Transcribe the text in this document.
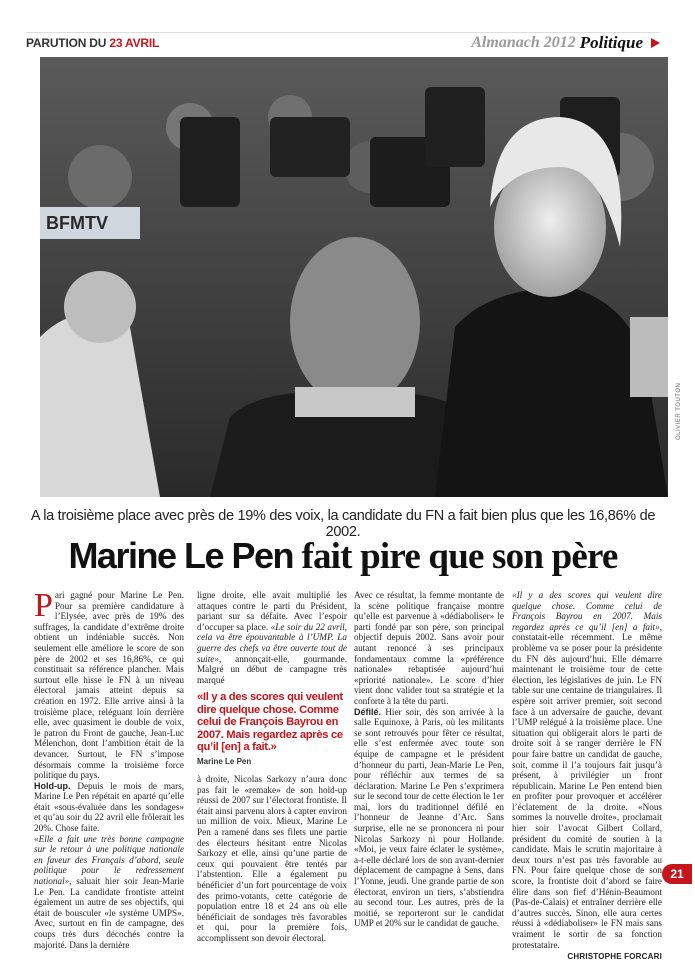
PARUTION DU 23 AVRIL	Almanach 2012 Politique
BFMTV
OLIVIER TOUTON
A la troisième place avec près de 19% des voix, la candidate du FN a fait bien plus que les 16,86% de 2002.
Marine Le Pen fait pire que son père

Pari gagné pour Marine Le Pen. Pour sa première candidature à l’Elysée, avec près de 19% des suffrages, la candidate d’extrême droite obtient un indéniable succès. Non seulement elle améliore le score de son père de 2002 et ses 16,86%, ce qui constituait sa référence plancher. Mais surtout elle hisse le FN à un niveau électoral jamais atteint depuis sa création en 1972. Elle arrive ainsi à la troisième place, reléguant loin derrière elle, avec quasiment le double de voix, le patron du Front de gauche, Jean-Luc Mélenchon, dont l’ambition était de la devancer. Surtout, le FN s’impose désormais comme la troisième force politique du pays.

Hold-up. Depuis le mois de mars, Marine Le Pen répétait en aparté qu’elle était «sous-évaluée dans les sondages» et qu’au soir du 22 avril elle frôlerait les 20%. Chose faite.

«Elle a fait une très bonne campagne sur le retour à une politique nationale en faveur des Français d’abord, seule politique pour le redressement national», saluait hier soir Jean-Marie Le Pen. La candidate frontiste atteint également un autre de ses objectifs, qui était de bousculer «le système UMPS». Avec, surtout en fin de campagne, des coups très durs décochés contre la majorité. Dans la dernière

ligne droite, elle avait multiplié les attaques contre le parti du Président, pariant sur sa défaite. Avec l’espoir d’occuper sa place. «Le soir du 22 avril, cela va être épouvantable à l’UMP. La guerre des chefs va être ouverte tout de suite», annonçait-elle, gourmande. Malgré un début de campagne très marqué

«Il y a des scores qui veulent dire quelque chose. Comme celui de François Bayrou en 2007. Mais regardez après ce qu’il [en] a fait.»
Marine Le Pen

à droite, Nicolas Sarkozy n’aura donc pas fait le «remake» de son hold-up réussi de 2007 sur l’électorat frontiste. Il était ainsi parvenu alors à capter environ un million de voix. Mieux, Marine Le Pen a ramené dans ses filets une partie des électeurs hésitant entre Nicolas Sarkozy et elle, ainsi qu’une partie de ceux qui pouvaient être tentés par l’abstention. Elle a également pu bénéficier d’un fort pourcentage de voix des primo-votants, cette catégorie de population entre 18 et 24 ans où elle bénéficiait de sondages très favorables et qui, pour la première fois, accomplissent son devoir électoral.

Avec ce résultat, la femme montante de la scène politique française montre qu’elle est parvenue à «dédiaboliser» le parti fondé par son père, son principal objectif depuis 2002. Sans avoir pour autant renoncé à ses principaux fondamentaux comme la «préférence nationale» rebaptisée aujourd’hui «priorité nationale». Le score d’hier vient donc valider tout sa stratégie et la conforte à la tête du parti.

Défilé. Hier soir, dès son arrivée à la salle Equinoxe, à Paris, où les militants se sont retrouvés pour fêter ce résultat, elle s’est enfermée avec toute son équipe de campagne et le président d’honneur du parti, Jean-Marie Le Pen, pour réfléchir aux termes de sa déclaration. Marine Le Pen s’exprimera sur le second tour de cette élection le 1er mai, lors du traditionnel défilé en l’honneur de Jeanne d’Arc. Sans surprise, elle ne se prononcera ni pour Nicolas Sarkozy ni pour Hollande. «Moi, je veux faire éclater le système», a-t-elle déclaré lors de son avant-dernier déplacement de campagne à Sens, dans l’Yonne, jeudi. Une grande partie de son électorat, environ un tiers, s’abstiendra au second tour. Les autres, près de la moitié, se reporteront sur le candidat UMP et 20% sur le candidat de gauche.

«Il y a des scores qui veulent dire quelque chose. Comme celui de François Bayrou en 2007. Mais regardez après ce qu’il [en] a fait», constatait-elle récemment. Le même problème va se poser pour la présidente du FN dès aujourd’hui. Elle démarre maintenant le troisième tour de cette élection, les législatives de juin. Le FN table sur une centaine de triangulaires. Il espère soit arriver premier, soit second face à un adversaire de gauche, devant l’UMP relégué à la troisième place. Une situation qui obligerait alors le parti de droite soit à se ranger derrière le FN pour faire battre un candidat de gauche, soit, comme il l’a toujours fait jusqu’à présent, à privilégier un front républicain. Marine Le Pen entend bien en profiter pour provoquer et accélérer l’éclatement de la droite. «Nous sommes la nouvelle droite», proclamait hier soir l’avocat Gilbert Collard, président du comité de soutien à la candidate. Mais le scrutin majoritaire à deux tours n’est pas très favorable au FN. Pour faire quelque chose de son score, la frontiste doit d’abord se faire élire dans son fief d’Hénin-Beaumont (Pas-de-Calais) et entraîner derrière elle d’autres succès. Sinon, elle aura certes réussi à «dédiaboliser» le FN mais sans vraiment le sortir de sa fonction protestataire.

CHRISTOPHE FORCARI
21
